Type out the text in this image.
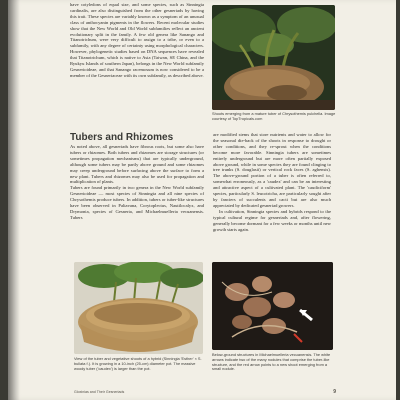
have cotyledons of equal size, and some species, such as Sinningia cardinalis, are also distinguished from the other gesneriads by having this trait. These species are variably known as a symptom of an unusual class of anthocyanin pigments in the flowers. Recent molecular studies show that the New World and Old World subfamilies reflect an ancient evolutionary split in the family. A few old genera like Sanango and Titanotrichum, were very difficult to assign to a tribe, or even to a subfamily, with any degree of certainty using morphological characters. However, phylogenetic studies based on DNA sequences have revealed that Titanotrichum, which is native to Asia (Taiwan, SE China, and the Ryukyu Islands of southern Japan), belongs in the New World subfamily Gesnerioideae, and that Sanango racemosum is now considered to be a member of the Gesneriaceae with its own subfamily, as described above.

Tubers and Rhizomes

As noted above, all gesneriads have fibrous roots, but some also have tubers or rhizomes. Both tubers and rhizomes are storage structures (or sometimes propagation mechanisms) that are typically underground, although some tubers may be partly above ground and some rhizomes may creep underground before surfacing above the surface to form a new plant. Tubers and rhizomes may also be used for propagation and multiplication of plants.

Tubers are found primarily in two genera in the New World subfamily Gesnerioideae — most species of Sinningia and all nine species of Chrysothemis produce tubers. In addition, tubers or tuber-like structures have been observed in Paliavana, Corytoplectus, Nautilocalyx, and Drymonia, species of Gesneria, and Michaelmuelleria vecuanensis. Tubers

are modified stems that store nutrients and water to allow for the seasonal die-back of the shoots in response to drought or other conditions, and they re-sprout when the conditions become more favorable. Sinningia tubers are sometimes entirely underground but are more often partially exposed above ground, while in some species they are found clinging to tree trunks (S. douglasii) or vertical rock faces (S. aghensis). The above-ground portion of a tuber is often referred to, somewhat erroneously, as a 'caudex' and can be an interesting and attractive aspect of a cultivated plant. The 'caudiciform' species, particularly S. leucotricha, are particularly sought after by fanciers of succulents and cacti but are also much appreciated by dedicated gesneriad growers.

In cultivation, Sinningia species and hybrids respond to the typical cultural regime for gesneriads and, after flowering, generally become dormant for a few weeks or months until new growth starts again.

Shoots emerging from a mature tuber of Chrysothemis pulchella. Image courtesy of TopTropicals.com
View of the tuber and vegetative shoots of a hybrid (Sinningia 'Esther' × S. bullata f.). It is growing in a 10-inch (25-cm) diameter pot. The massive woody tuber ('caudex') is larger than the pot.
Below-ground structures in Michaelmuelleria vecuanensis. The white arrows indicate two of the many nodules that comprise the tuber-like structure, and the red arrow points to a new shoot emerging from a small nodule.
Gloxinias and Their Gesneriads	9
